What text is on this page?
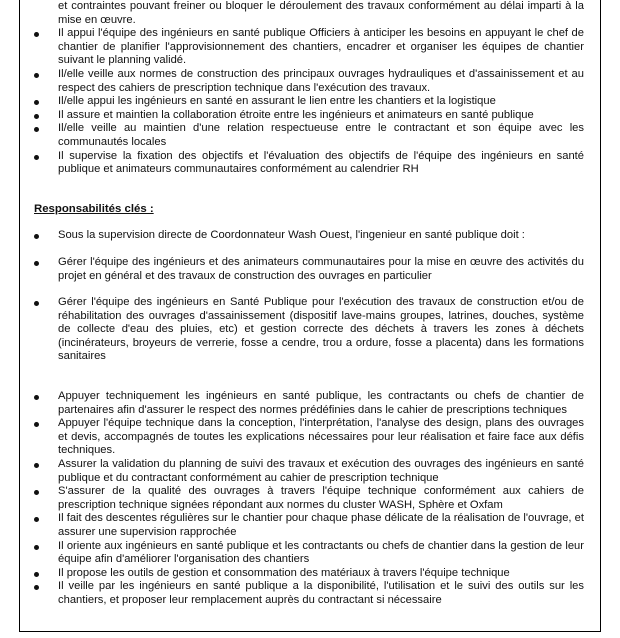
et contraintes pouvant freiner ou bloquer le déroulement des travaux conformément au délai imparti à la mise en œuvre.
Il appui l'équipe des ingénieurs en santé publique Officiers à anticiper les besoins en appuyant le chef de chantier de planifier l'approvisionnement des chantiers, encadrer et organiser les équipes de chantier suivant le planning validé.
Il/elle veille aux normes de construction des principaux ouvrages hydrauliques et d'assainissement et au respect des cahiers de prescription technique dans l'exécution des travaux.
Il/elle appui les ingénieurs en santé en assurant le lien entre les chantiers et la logistique
Il assure et maintien la collaboration étroite entre les ingénieurs et animateurs en santé publique
Il/elle veille au maintien d'une relation respectueuse entre le contractant et son équipe avec les communautés locales
Il supervise la fixation des objectifs et l'évaluation des objectifs de l'équipe des ingénieurs en santé publique et animateurs communautaires conformément au calendrier RH
Responsabilités clés :
Sous la supervision directe de Coordonnateur Wash Ouest, l'ingenieur en santé publique doit :
Gérer l'équipe des ingénieurs et des animateurs communautaires pour la mise en œuvre des activités du projet en général et des travaux de construction des ouvrages en particulier
Gérer l'équipe des ingénieurs en Santé Publique pour l'exécution des travaux de construction et/ou de réhabilitation des ouvrages d'assainissement (dispositif lave-mains groupes, latrines, douches, système de collecte d'eau des pluies, etc) et gestion correcte des déchets à travers les zones à déchets (incinérateurs, broyeurs de verrerie, fosse a cendre, trou a ordure, fosse a placenta) dans les formations sanitaires
Appuyer techniquement les ingénieurs en santé publique, les contractants ou chefs de chantier de partenaires afin d'assurer le respect des normes prédéfinies dans le cahier de prescriptions techniques
Appuyer l'équipe technique dans la conception, l'interprétation, l'analyse des design, plans des ouvrages et devis, accompagnés de toutes les explications nécessaires pour leur réalisation et faire face aux défis techniques.
Assurer la validation du planning de suivi des travaux et exécution des ouvrages des ingénieurs en santé publique et du contractant conformément au cahier de prescription technique
S'assurer de la qualité des ouvrages à travers l'équipe technique conformément aux cahiers de prescription technique signées répondant aux normes du cluster WASH, Sphère et Oxfam
Il fait des descentes régulières sur le chantier pour chaque phase délicate de la réalisation de l'ouvrage, et assurer une supervision rapprochée
Il oriente aux ingénieurs en santé publique et les contractants ou chefs de chantier dans la gestion de leur équipe afin d'améliorer l'organisation des chantiers
Il propose les outils de gestion et consommation des matériaux à travers l'équipe technique
Il veille par les ingénieurs en santé publique a la disponibilité, l'utilisation et le suivi des outils sur les chantiers, et proposer leur remplacement auprès du contractant si nécessaire
